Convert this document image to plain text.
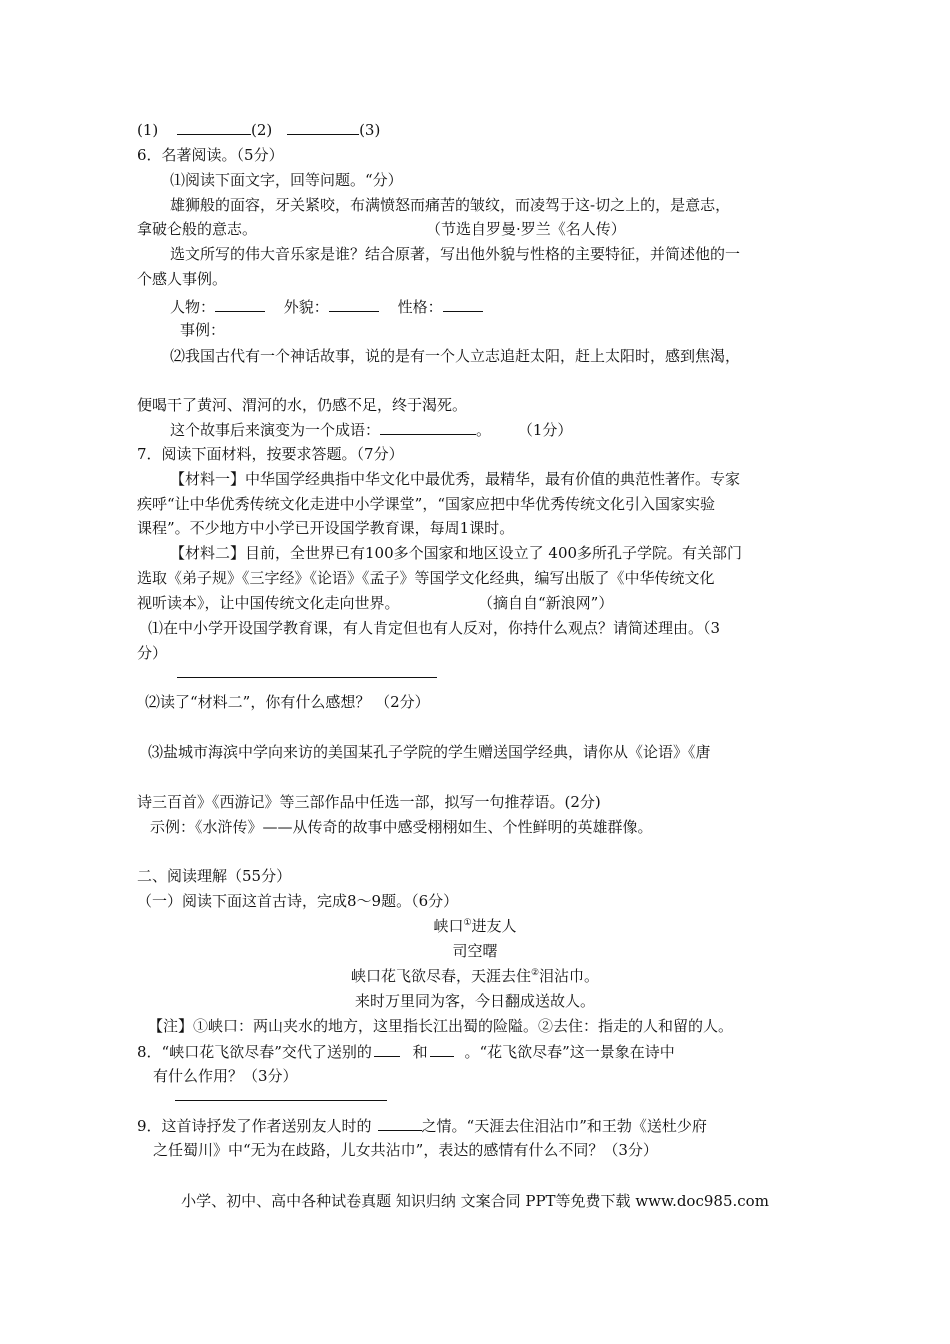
(1)	(2)	(3)
6．名著阅读。（5分）
⑴阅读下面文字，回等问题。“分）
雄狮般的面容，牙关紧咬，布满愤怒而痛苦的皱纹，而凌驾于这-切之上的，是意志，
拿破仑般的意志。	（节选自罗曼·罗兰《名人传）
选文所写的伟大音乐家是谁？结合原著，写出他外貌与性格的主要特征，并简述他的一
个感人事例。
人物：	外貌：	性格：
事例：
⑵我国古代有一个神话故事，说的是有一个人立志追赶太阳，赶上太阳时，感到焦渴，
便喝干了黄河、渭河的水，仍感不足，终于渴死。
这个故事后来演变为一个成语：	。 （1分）
7．阅读下面材料，按要求答题。（7分）
【材料一】中华国学经典指中华文化中最优秀，最精华，最有价值的典范性著作。专家
疾呼“让中华优秀传统文化走进中小学课堂”，“国家应把中华优秀传统文化引入国家实验
课程”。不少地方中小学已开设国学教育课，每周1课时。
【材料二】目前，全世界已有100多个国家和地区设立了 400多所孔子学院。有关部门
选取《弟子规》《三字经》《论语》《孟子》等国学文化经典，编写出版了《中华传统文化
视听读本》，让中国传统文化走向世界。	（摘自自“新浪网”）
⑴在中小学开设国学教育课，有人肯定但也有人反对，你持什么观点？请简述理由。（3
分）
⑵读了“材料二”，你有什么感想？ （2分）
⑶盐城市海滨中学向来访的美国某孔子学院的学生赠送国学经典，请你从《论语》《唐
诗三百首》《西游记》等三部作品中任选一部，拟写一句推荐语。(2分)
示例：《水浒传》——从传奇的故事中感受栩栩如生、个性鲜明的英雄群像。
二、阅读理解（55分）
（一）阅读下面这首古诗，完成8～9题。（6分）
峡口①进友人
司空曙
峡口花飞欲尽春，天涯去住②泪沾巾。
来时万里同为客，今日翻成送故人。
【注】①峡口：两山夹水的地方，这里指长江出蜀的险隘。②去住：指走的人和留的人。
8．“峡口花飞欲尽春”交代了送别的	和 。“花飞欲尽春”这一景象在诗中
有什么作用？（3分）
9．这首诗抒发了作者送别友人时的	之情。“天涯去住泪沾巾”和王勃《送杜少府
之任蜀川》中“无为在歧路，儿女共沾巾”，表达的感情有什么不同？（3分）
小学、初中、高中各种试卷真题 知识归纳 文案合同 PPT等免费下载 www.doc985.com
